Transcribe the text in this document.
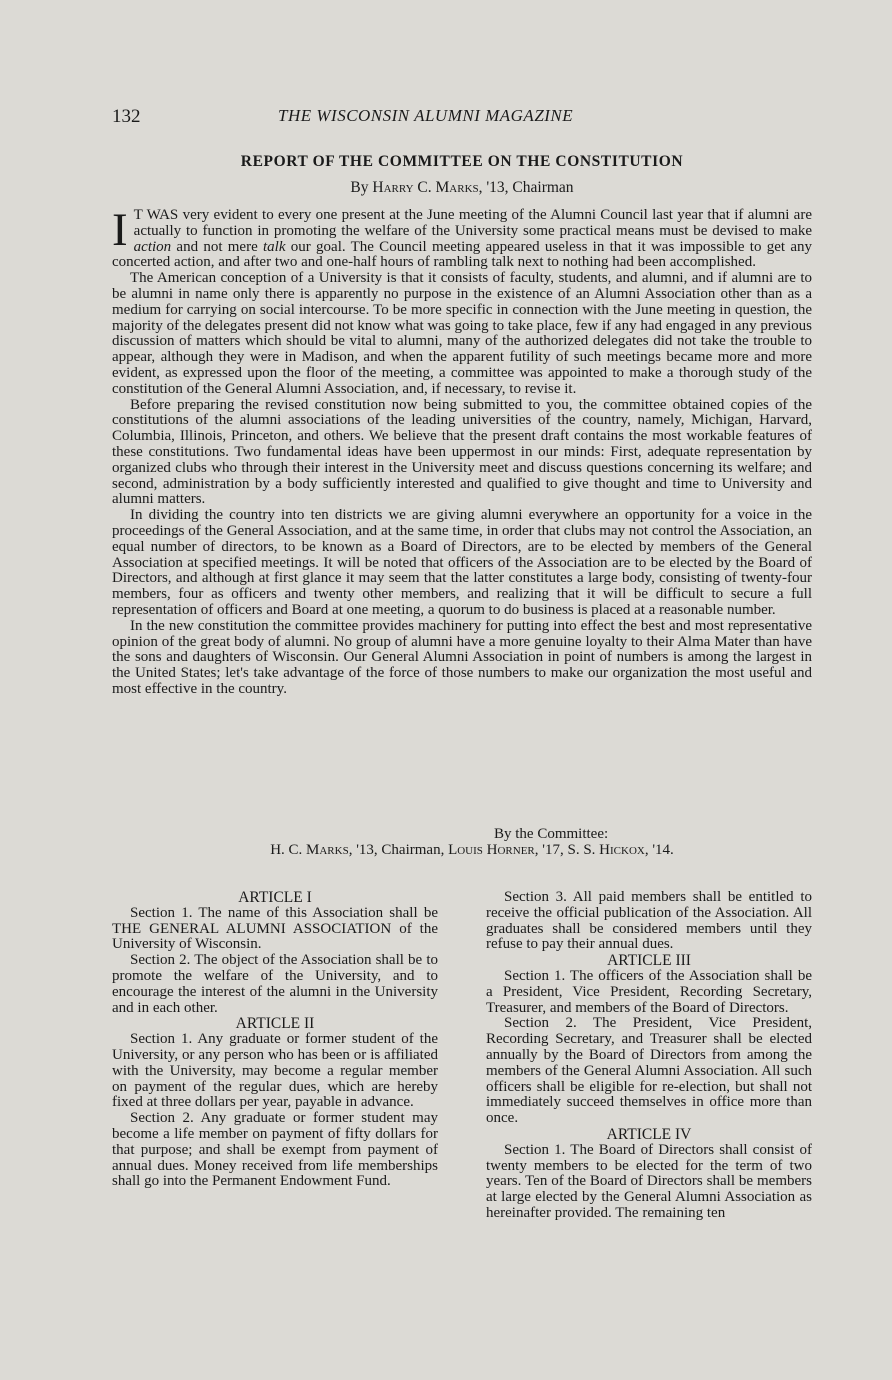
132	THE WISCONSIN ALUMNI MAGAZINE
REPORT OF THE COMMITTEE ON THE CONSTITUTION
By Harry C. Marks, '13, Chairman

I T WAS very evident to every one present at the June meeting of the Alumni Council last year that if alumni are actually to function in promoting the welfare of the University some practical means must be devised to make action and not mere talk our goal. The Council meeting appeared useless in that it was impossible to get any concerted action, and after two and one-half hours of rambling talk next to nothing had been accomplished.

The American conception of a University is that it consists of faculty, students, and alumni, and if alumni are to be alumni in name only there is apparently no purpose in the existence of an Alumni Association other than as a medium for carrying on social intercourse. To be more specific in connection with the June meeting in question, the majority of the delegates present did not know what was going to take place, few if any had engaged in any previous discussion of matters which should be vital to alumni, many of the authorized delegates did not take the trouble to appear, although they were in Madison, and when the apparent futility of such meetings became more and more evident, as expressed upon the floor of the meeting, a committee was appointed to make a thorough study of the constitution of the General Alumni Association, and, if necessary, to revise it.

Before preparing the revised constitution now being submitted to you, the committee obtained copies of the constitutions of the alumni associations of the leading universities of the country, namely, Michigan, Harvard, Columbia, Illinois, Princeton, and others. We believe that the present draft contains the most workable features of these constitutions. Two fundamental ideas have been uppermost in our minds: First, adequate representation by organized clubs who through their interest in the University meet and discuss questions concerning its welfare; and second, administration by a body sufficiently interested and qualified to give thought and time to University and alumni matters.

In dividing the country into ten districts we are giving alumni everywhere an opportunity for a voice in the proceedings of the General Association, and at the same time, in order that clubs may not control the Association, an equal number of directors, to be known as a Board of Directors, are to be elected by members of the General Association at specified meetings. It will be noted that officers of the Association are to be elected by the Board of Directors, and although at first glance it may seem that the latter constitutes a large body, consisting of twenty-four members, four as officers and twenty other members, and realizing that it will be difficult to secure a full representation of officers and Board at one meeting, a quorum to do business is placed at a reasonable number.

In the new constitution the committee provides machinery for putting into effect the best and most representative opinion of the great body of alumni. No group of alumni have a more genuine loyalty to their Alma Mater than have the sons and daughters of Wisconsin. Our General Alumni Association in point of numbers is among the largest in the United States; let's take advantage of the force of those numbers to make our organization the most useful and most effective in the country.

By the Committee:
H. C. Marks, '13, Chairman, Louis Horner, '17, S. S. Hickox, '14.
ARTICLE I

Section 1. The name of this Association shall be THE GENERAL ALUMNI ASSOCIATION of the University of Wisconsin.

Section 2. The object of the Association shall be to promote the welfare of the University, and to encourage the interest of the alumni in the University and in each other.

ARTICLE II

Section 1. Any graduate or former student of the University, or any person who has been or is affiliated with the University, may become a regular member on payment of the regular dues, which are hereby fixed at three dollars per year, payable in advance.

Section 2. Any graduate or former student may become a life member on payment of fifty dollars for that purpose; and shall be exempt from payment of annual dues. Money received from life memberships shall go into the Permanent Endowment Fund.

Section 3. All paid members shall be entitled to receive the official publication of the Association. All graduates shall be considered members until they refuse to pay their annual dues.

ARTICLE III

Section 1. The officers of the Association shall be a President, Vice President, Recording Secretary, Treasurer, and members of the Board of Directors.

Section 2. The President, Vice President, Recording Secretary, and Treasurer shall be elected annually by the Board of Directors from among the members of the General Alumni Association. All such officers shall be eligible for re-election, but shall not immediately succeed themselves in office more than once.

ARTICLE IV

Section 1. The Board of Directors shall consist of twenty members to be elected for the term of two years. Ten of the Board of Directors shall be members at large elected by the General Alumni Association as hereinafter provided. The remaining ten
